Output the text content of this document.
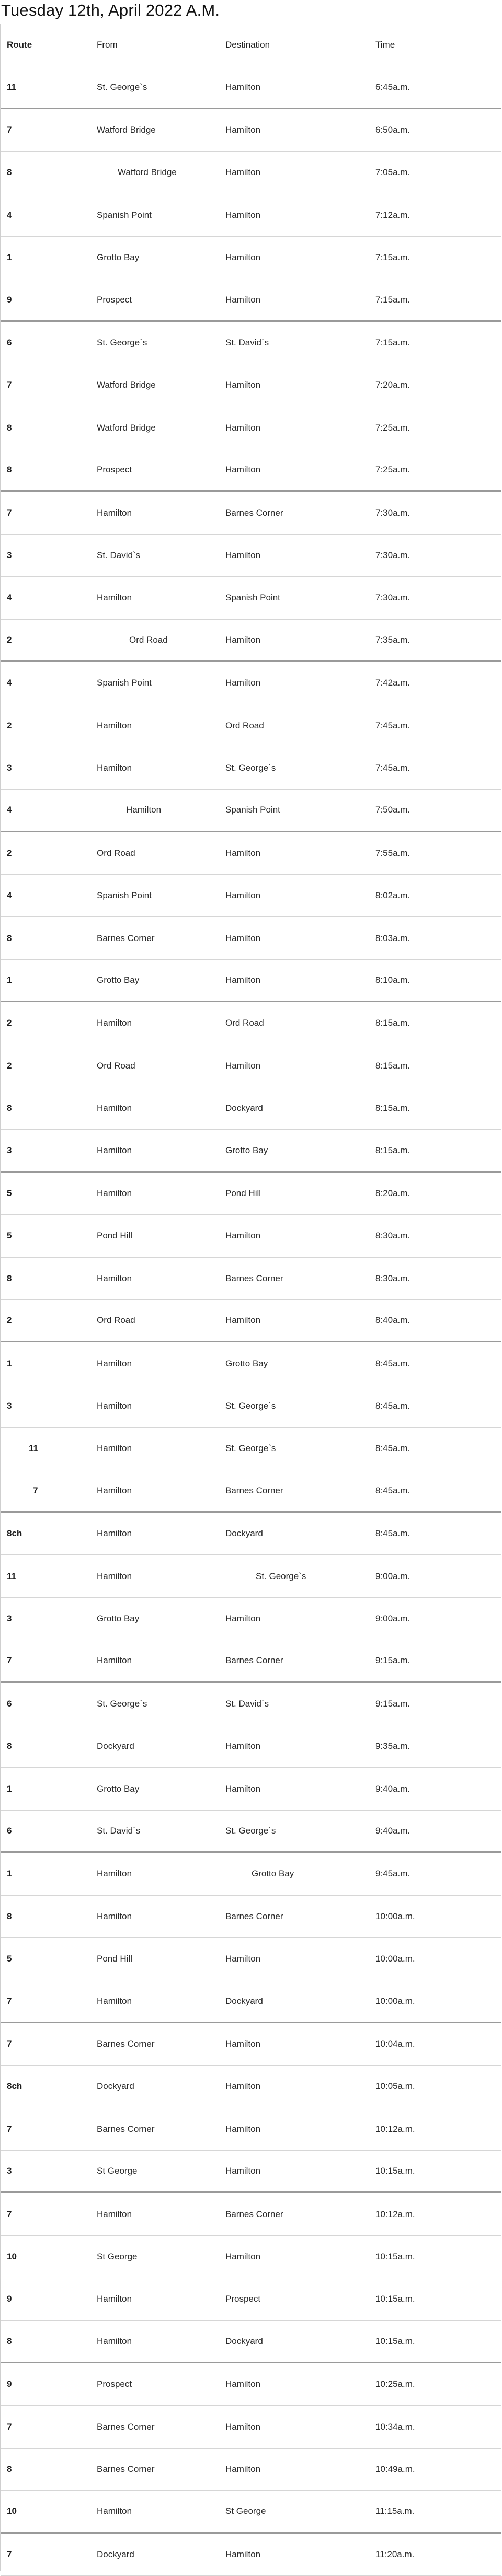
Tuesday 12th, April 2022 A.M.
Route	From	Destination	Time
11	St. George`s	Hamilton	6:45a.m.
7	Watford Bridge	Hamilton	6:50a.m.
8	Watford Bridge	Hamilton	7:05a.m.
4	Spanish Point	Hamilton	7:12a.m.
1	Grotto Bay	Hamilton	7:15a.m.
9	Prospect	Hamilton	7:15a.m.
6	St. George`s	St. David`s	7:15a.m.
7	Watford Bridge	Hamilton	7:20a.m.
8	Watford Bridge	Hamilton	7:25a.m.
8	Prospect	Hamilton	7:25a.m.
7	Hamilton	Barnes Corner	7:30a.m.
3	St. David`s	Hamilton	7:30a.m.
4	Hamilton	Spanish Point	7:30a.m.
2	Ord Road	Hamilton	7:35a.m.
4	Spanish Point	Hamilton	7:42a.m.
2	Hamilton	Ord Road	7:45a.m.
3	Hamilton	St. George`s	7:45a.m.
4	Hamilton	Spanish Point	7:50a.m.
2	Ord Road	Hamilton	7:55a.m.
4	Spanish Point	Hamilton	8:02a.m.
8	Barnes Corner	Hamilton	8:03a.m.
1	Grotto Bay	Hamilton	8:10a.m.
2	Hamilton	Ord Road	8:15a.m.
2	Ord Road	Hamilton	8:15a.m.
8	Hamilton	Dockyard	8:15a.m.
3	Hamilton	Grotto Bay	8:15a.m.
5	Hamilton	Pond Hill	8:20a.m.
5	Pond Hill	Hamilton	8:30a.m.
8	Hamilton	Barnes Corner	8:30a.m.
2	Ord Road	Hamilton	8:40a.m.
1	Hamilton	Grotto Bay	8:45a.m.
3	Hamilton	St. George`s	8:45a.m.
11	Hamilton	St. George`s	8:45a.m.
7	Hamilton	Barnes Corner	8:45a.m.
8ch	Hamilton	Dockyard	8:45a.m.
11	Hamilton	St. George`s	9:00a.m.
3	Grotto Bay	Hamilton	9:00a.m.
7	Hamilton	Barnes Corner	9:15a.m.
6	St. George`s	St. David`s	9:15a.m.
8	Dockyard	Hamilton	9:35a.m.
1	Grotto Bay	Hamilton	9:40a.m.
6	St. David`s	St. George`s	9:40a.m.
1	Hamilton	Grotto Bay	9:45a.m.
8	Hamilton	Barnes Corner	10:00a.m.
5	Pond Hill	Hamilton	10:00a.m.
7	Hamilton	Dockyard	10:00a.m.
7	Barnes Corner	Hamilton	10:04a.m.
8ch	Dockyard	Hamilton	10:05a.m.
7	Barnes Corner	Hamilton	10:12a.m.
3	St George	Hamilton	10:15a.m.
7	Hamilton	Barnes Corner	10:12a.m.
10	St George	Hamilton	10:15a.m.
9	Hamilton	Prospect	10:15a.m.
8	Hamilton	Dockyard	10:15a.m.
9	Prospect	Hamilton	10:25a.m.
7	Barnes Corner	Hamilton	10:34a.m.
8	Barnes Corner	Hamilton	10:49a.m.
10	Hamilton	St George	11:15a.m.
7	Dockyard	Hamilton	11:20a.m.
